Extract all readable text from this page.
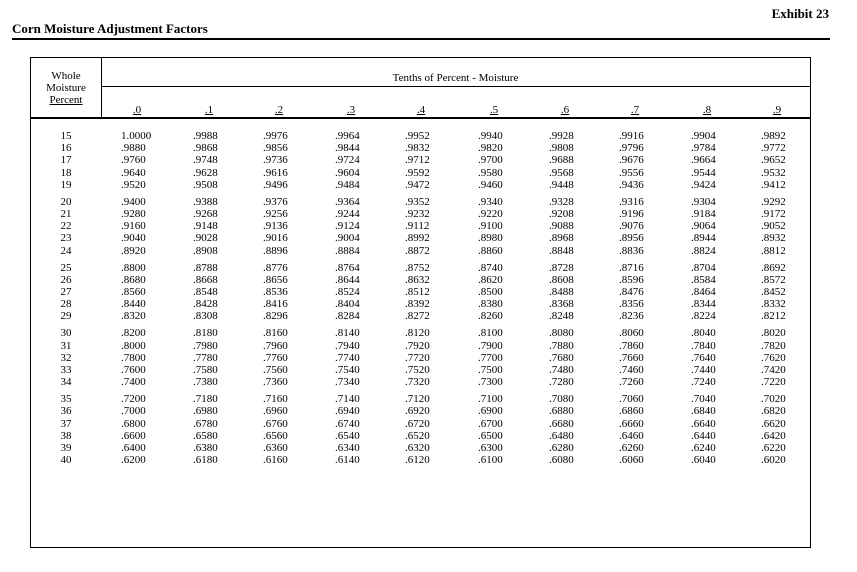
Exhibit 23
Corn Moisture Adjustment Factors
Whole
Moisture
Percent
Tenths of Percent - Moisture
.0	.1	.2	.3	.4	.5	.6	.7	.8	.9
15	1.0000	.9988	.9976	.9964	.9952	.9940	.9928	.9916	.9904	.9892
16	.9880	.9868	.9856	.9844	.9832	.9820	.9808	.9796	.9784	.9772
17	.9760	.9748	.9736	.9724	.9712	.9700	.9688	.9676	.9664	.9652
18	.9640	.9628	.9616	.9604	.9592	.9580	.9568	.9556	.9544	.9532
19	.9520	.9508	.9496	.9484	.9472	.9460	.9448	.9436	.9424	.9412
20	.9400	.9388	.9376	.9364	.9352	.9340	.9328	.9316	.9304	.9292
21	.9280	.9268	.9256	.9244	.9232	.9220	.9208	.9196	.9184	.9172
22	.9160	.9148	.9136	.9124	.9112	.9100	.9088	.9076	.9064	.9052
23	.9040	.9028	.9016	.9004	.8992	.8980	.8968	.8956	.8944	.8932
24	.8920	.8908	.8896	.8884	.8872	.8860	.8848	.8836	.8824	.8812
25	.8800	.8788	.8776	.8764	.8752	.8740	.8728	.8716	.8704	.8692
26	.8680	.8668	.8656	.8644	.8632	.8620	.8608	.8596	.8584	.8572
27	.8560	.8548	.8536	.8524	.8512	.8500	.8488	.8476	.8464	.8452
28	.8440	.8428	.8416	.8404	.8392	.8380	.8368	.8356	.8344	.8332
29	.8320	.8308	.8296	.8284	.8272	.8260	.8248	.8236	.8224	.8212
30	.8200	.8180	.8160	.8140	.8120	.8100	.8080	.8060	.8040	.8020
31	.8000	.7980	.7960	.7940	.7920	.7900	.7880	.7860	.7840	.7820
32	.7800	.7780	.7760	.7740	.7720	.7700	.7680	.7660	.7640	.7620
33	.7600	.7580	.7560	.7540	.7520	.7500	.7480	.7460	.7440	.7420
34	.7400	.7380	.7360	.7340	.7320	.7300	.7280	.7260	.7240	.7220
35	.7200	.7180	.7160	.7140	.7120	.7100	.7080	.7060	.7040	.7020
36	.7000	.6980	.6960	.6940	.6920	.6900	.6880	.6860	.6840	.6820
37	.6800	.6780	.6760	.6740	.6720	.6700	.6680	.6660	.6640	.6620
38	.6600	.6580	.6560	.6540	.6520	.6500	.6480	.6460	.6440	.6420
39	.6400	.6380	.6360	.6340	.6320	.6300	.6280	.6260	.6240	.6220
40	.6200	.6180	.6160	.6140	.6120	.6100	.6080	.6060	.6040	.6020
